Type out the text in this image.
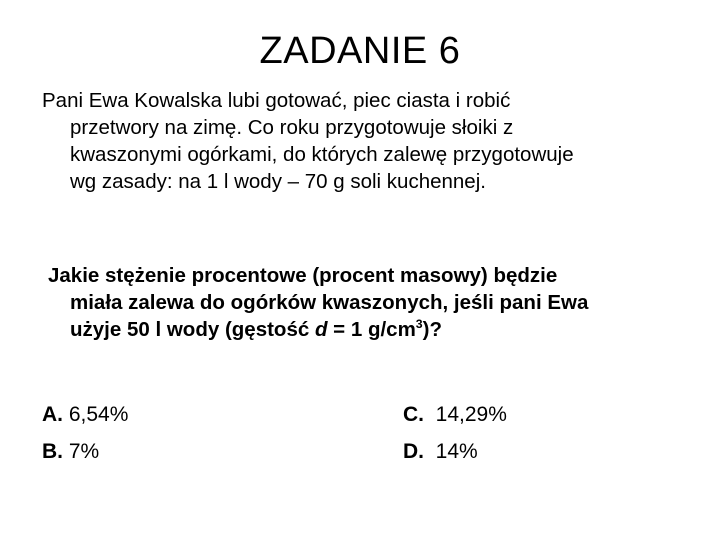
ZADANIE 6
Pani Ewa Kowalska lubi gotować, piec ciasta i robić
przetwory na zimę. Co roku przygotowuje słoiki z
kwaszonymi ogórkami, do których zalewę przygotowuje
wg zasady: na 1 l wody – 70 g soli kuchennej.
Jakie stężenie procentowe (procent masowy) będzie
miała zalewa do ogórków kwaszonych, jeśli pani Ewa
użyje 50 l wody (gęstość d = 1 $g/cm^3$)?
A. 6,54%
B. 7%
C.  14,29%
D.  14%
